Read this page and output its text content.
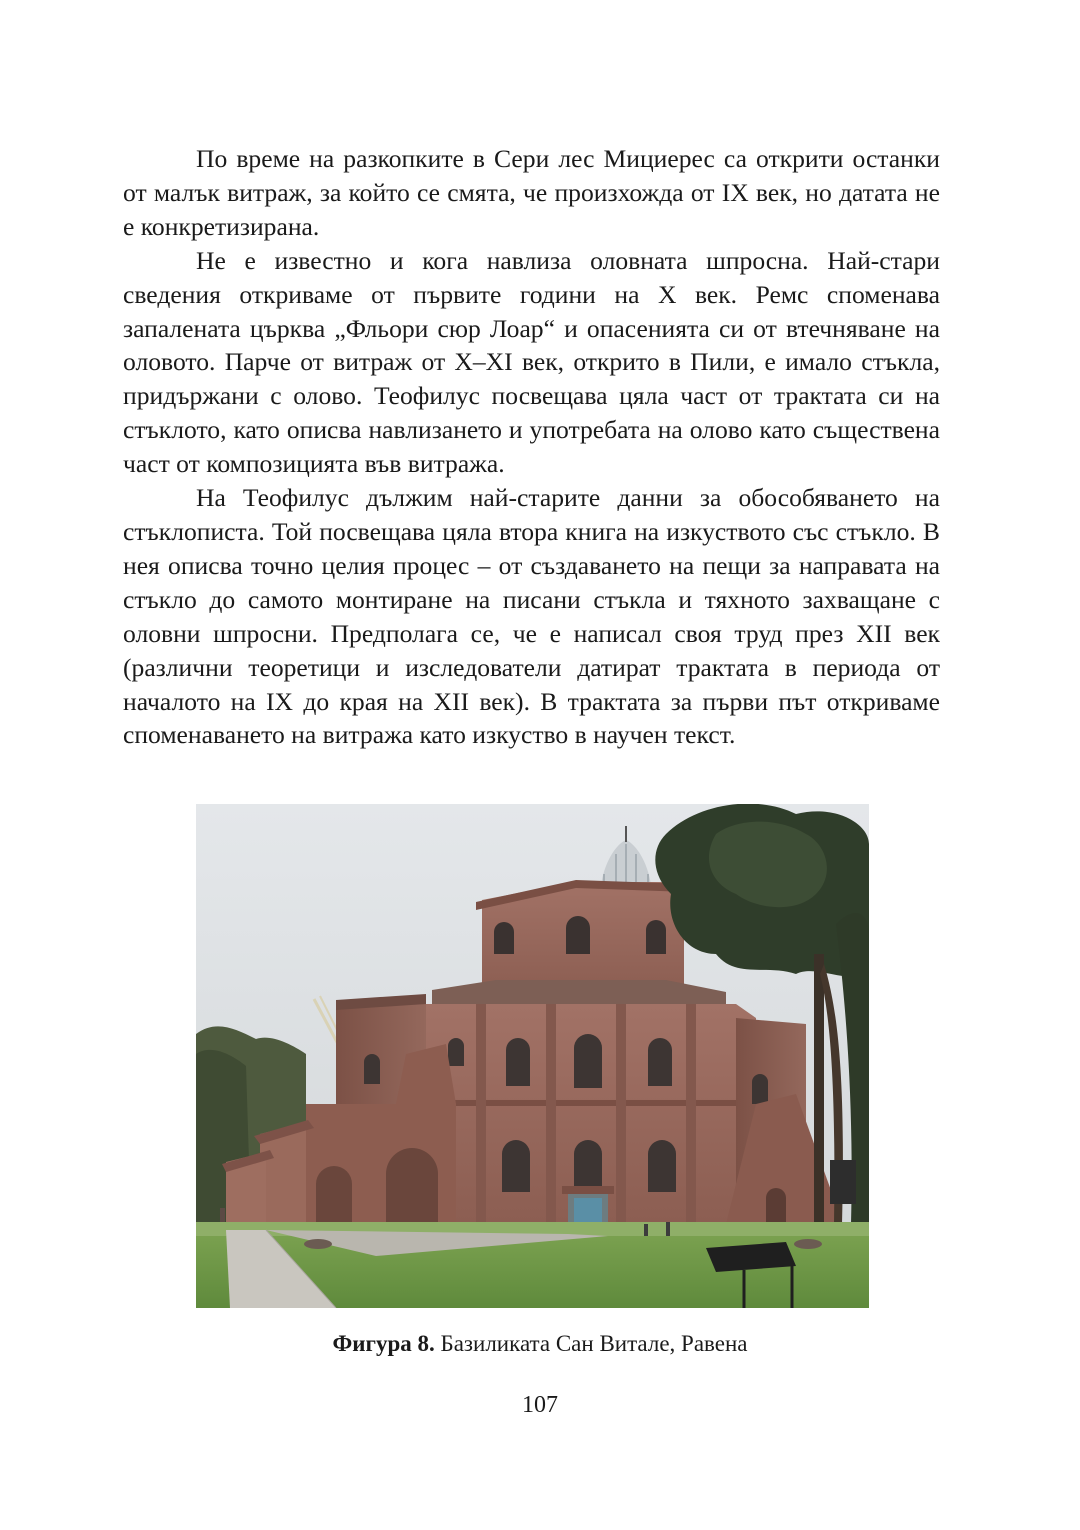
По време на разкопките в Сери лес Мициерес са открити останки от малък витраж, за който се смята, че произхожда от IX век, но датата не е конкретизирана.

Не е известно и кога навлиза оловната шпросна. Най-стари сведения откриваме от първите години на X век. Ремс споменава запалената църква „Фльори сюр Лоар“ и опасенията си от втечняване на оловото. Парче от витраж от X–XI век, открито в Пили, е имало стъкла, придържани с олово. Теофилус посвещава цяла част от трактата си на стъклото, като описва навлизането и употребата на олово като съществена част от композицията във витража.

На Теофилус дължим най-старите данни за обособяването на стъклописта. Той посвещава цяла втора книга на изкуството със стъкло. В нея описва точно целия процес – от създаването на пещи за направата на стъкло до самото монтиране на писани стъкла и тяхното захващане с оловни шпросни. Предполага се, че е написал своя труд през XII век (различни теоретици и изследователи датират трактата в периода от началото на IX до края на XII век). В трактата за първи път откриваме споменаването на витража като изкуство в научен текст.

Фигура 8. Базиликата Сан Витале, Равена
107
